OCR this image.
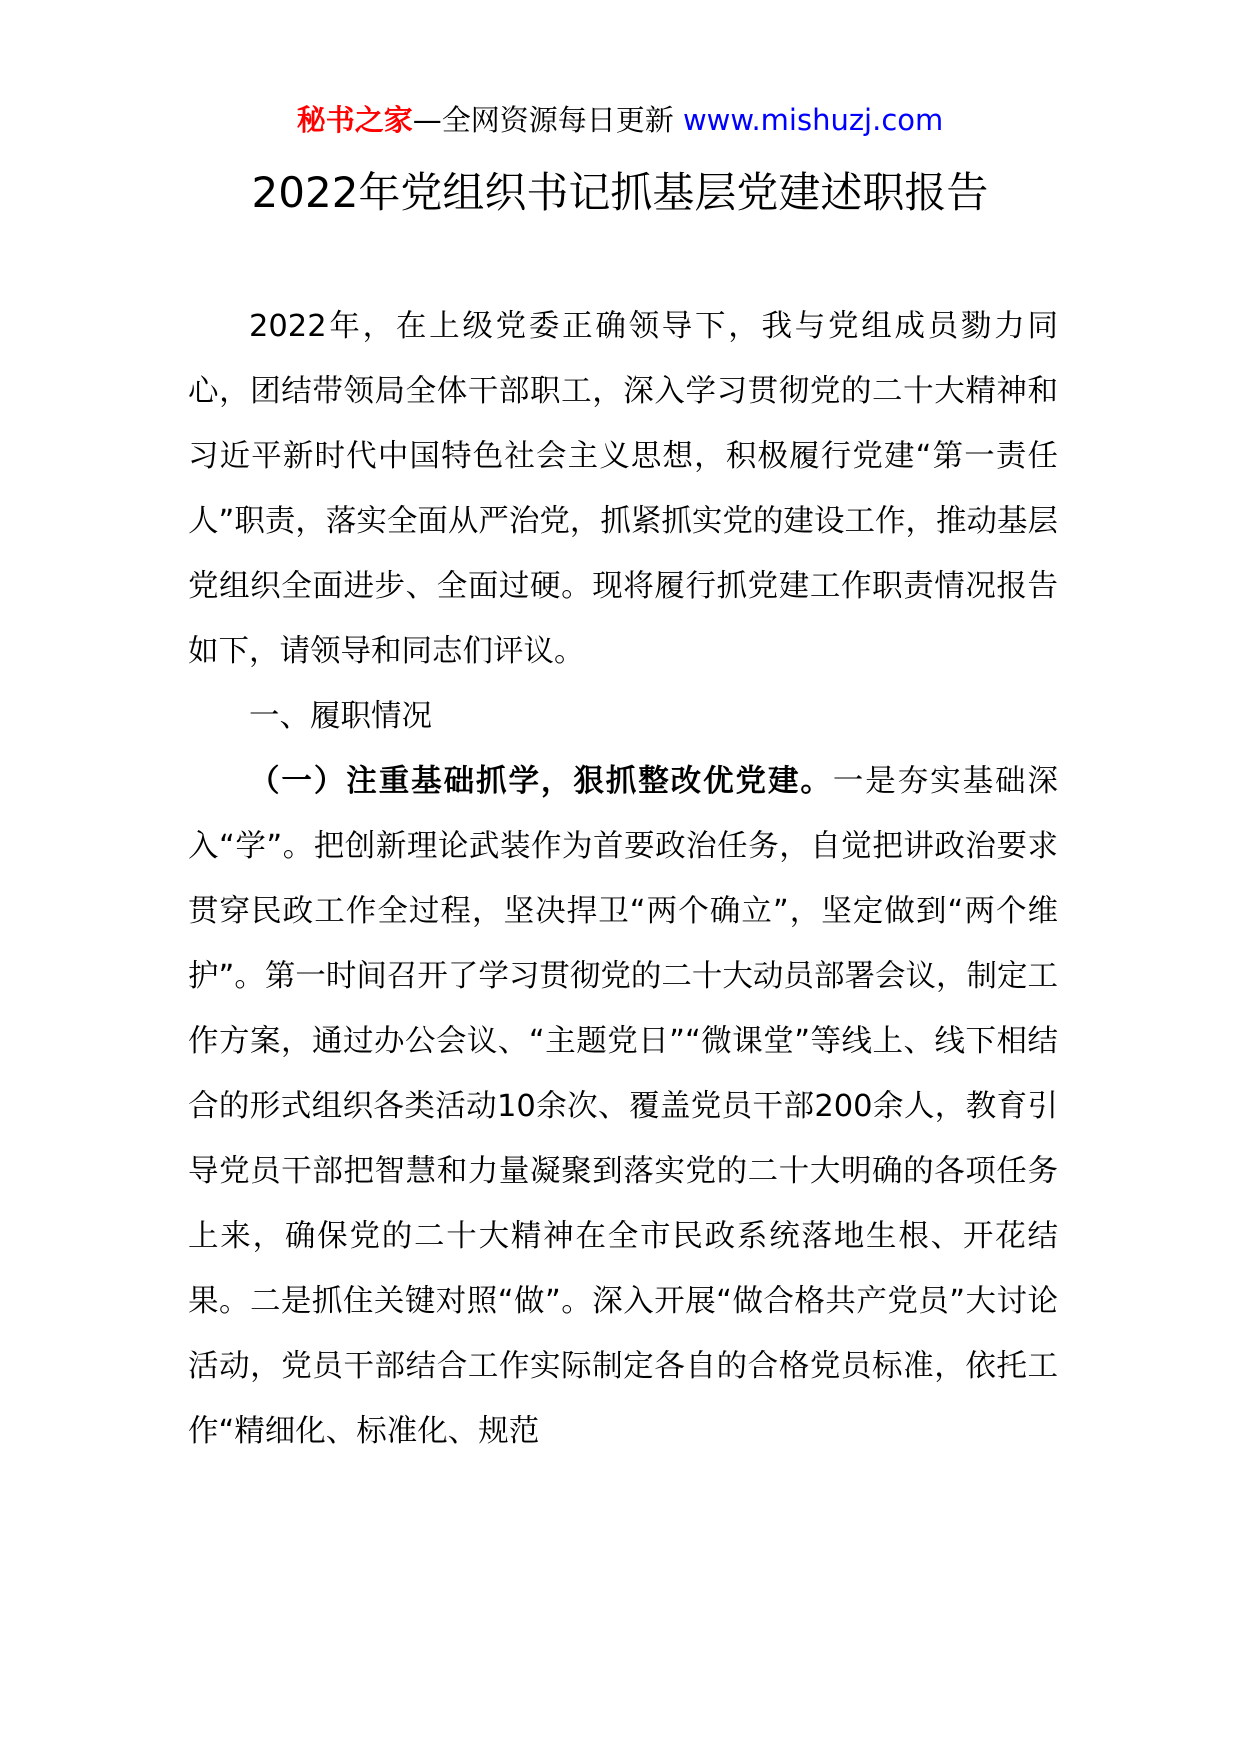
秘书之家—全网资源每日更新 www.mishuzj.com
2022年党组织书记抓基层党建述职报告

2022年，在上级党委正确领导下，我与党组成员勠力同心，团结带领局全体干部职工，深入学习贯彻党的二十大精神和习近平新时代中国特色社会主义思想，积极履行党建“第一责任人”职责，落实全面从严治党，抓紧抓实党的建设工作，推动基层党组织全面进步、全面过硬。现将履行抓党建工作职责情况报告如下，请领导和同志们评议。

一、履职情况

（一）注重基础抓学，狠抓整改优党建。一是夯实基础深入“学”。把创新理论武装作为首要政治任务，自觉把讲政治要求贯穿民政工作全过程，坚决捍卫“两个确立”，坚定做到“两个维护”。第一时间召开了学习贯彻党的二十大动员部署会议，制定工作方案，通过办公会议、“主题党日”“微课堂”等线上、线下相结合的形式组织各类活动10余次、覆盖党员干部200余人，教育引导党员干部把智慧和力量凝聚到落实党的二十大明确的各项任务上来，确保党的二十大精神在全市民政系统落地生根、开花结果。二是抓住关键对照“做”。深入开展“做合格共产党员”大讨论活动，党员干部结合工作实际制定各自的合格党员标准，依托工作“精细化、标准化、规范
